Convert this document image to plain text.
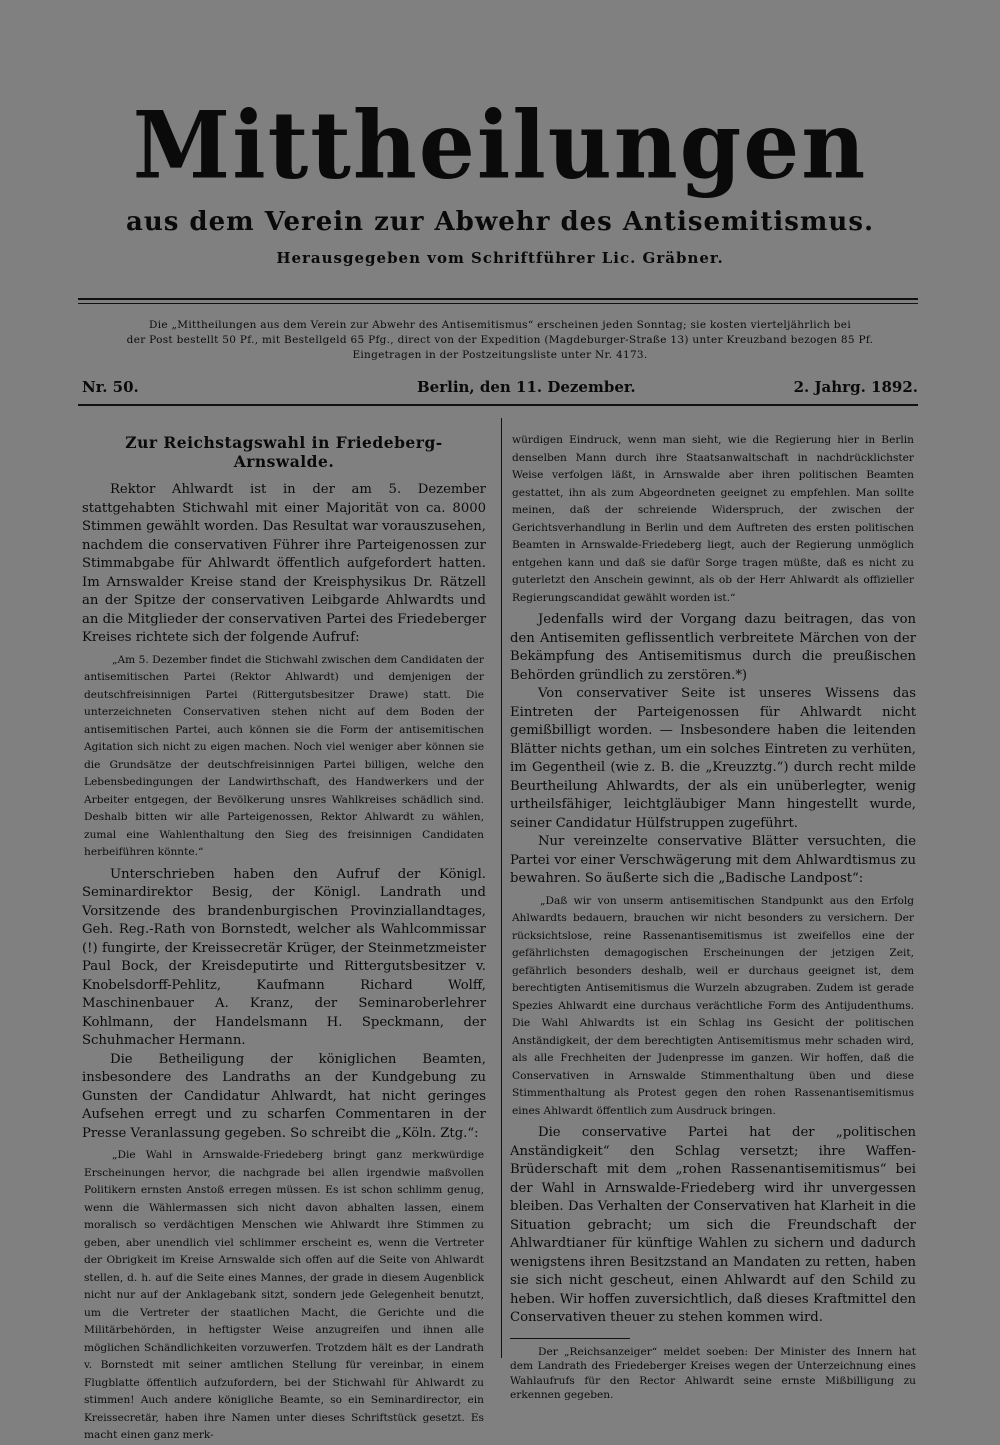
Mittheilungen
aus dem Verein zur Abwehr des Antisemitismus.
Herausgegeben vom Schriftführer Lic. Gräbner.
Die „Mittheilungen aus dem Verein zur Abwehr des Antisemitismus“ erscheinen jeden Sonntag; sie kosten vierteljährlich bei
der Post bestellt 50 Pf., mit Bestellgeld 65 Pfg., direct von der Expedition (Magdeburger-Straße 13) unter Kreuzband bezogen 85 Pf.
Eingetragen in der Postzeitungsliste unter Nr. 4173.
Nr. 50.	Berlin, den 11. Dezember.	2. Jahrg. 1892.
Zur Reichstagswahl in Friedeberg-Arnswalde.

Rektor Ahlwardt ist in der am 5. Dezember stattgehabten Stichwahl mit einer Majorität von ca. 8000 Stimmen gewählt worden. Das Resultat war vorauszusehen, nachdem die conservativen Führer ihre Parteigenossen zur Stimmabgabe für Ahlwardt öffentlich aufgefordert hatten. Im Arnswalder Kreise stand der Kreisphysikus Dr. Rätzell an der Spitze der conservativen Leibgarde Ahlwardts und an die Mitglieder der conservativen Partei des Friedeberger Kreises richtete sich der folgende Aufruf:

„Am 5. Dezember findet die Stichwahl zwischen dem Candidaten der antisemitischen Partei (Rektor Ahlwardt) und demjenigen der deutschfreisinnigen Partei (Rittergutsbesitzer Drawe) statt. Die unterzeichneten Conservativen stehen nicht auf dem Boden der antisemitischen Partei, auch können sie die Form der antisemitischen Agitation sich nicht zu eigen machen. Noch viel weniger aber können sie die Grundsätze der deutschfreisinnigen Partei billigen, welche den Lebensbedingungen der Landwirthschaft, des Handwerkers und der Arbeiter entgegen, der Bevölkerung unsres Wahlkreises schädlich sind. Deshalb bitten wir alle Parteigenossen, Rektor Ahlwardt zu wählen, zumal eine Wahlenthaltung den Sieg des freisinnigen Candidaten herbeiführen könnte.“

Unterschrieben haben den Aufruf der Königl. Seminardirektor Besig, der Königl. Landrath und Vorsitzende des brandenburgischen Provinziallandtages, Geh. Reg.-Rath von Bornstedt, welcher als Wahlcommissar (!) fungirte, der Kreissecretär Krüger, der Steinmetzmeister Paul Bock, der Kreisdeputirte und Rittergutsbesitzer v. Knobelsdorff-Pehlitz, Kaufmann Richard Wolff, Maschinenbauer A. Kranz, der Seminaroberlehrer Kohlmann, der Handelsmann H. Speckmann, der Schuhmacher Hermann.

Die Betheiligung der königlichen Beamten, insbesondere des Landraths an der Kundgebung zu Gunsten der Candidatur Ahlwardt, hat nicht geringes Aufsehen erregt und zu scharfen Commentaren in der Presse Veranlassung gegeben. So schreibt die „Köln. Ztg.“:

„Die Wahl in Arnswalde-Friedeberg bringt ganz merkwürdige Erscheinungen hervor, die nachgrade bei allen irgendwie maßvollen Politikern ernsten Anstoß erregen müssen. Es ist schon schlimm genug, wenn die Wählermassen sich nicht davon abhalten lassen, einem moralisch so verdächtigen Menschen wie Ahlwardt ihre Stimmen zu geben, aber unendlich viel schlimmer erscheint es, wenn die Vertreter der Obrigkeit im Kreise Arnswalde sich offen auf die Seite von Ahlwardt stellen, d. h. auf die Seite eines Mannes, der grade in diesem Augenblick nicht nur auf der Anklagebank sitzt, sondern jede Gelegenheit benutzt, um die Vertreter der staatlichen Macht, die Gerichte und die Militärbehörden, in heftigster Weise anzugreifen und ihnen alle möglichen Schändlichkeiten vorzuwerfen. Trotzdem hält es der Landrath v. Bornstedt mit seiner amtlichen Stellung für vereinbar, in einem Flugblatte öffentlich aufzufordern, bei der Stichwahl für Ahlwardt zu stimmen! Auch andere königliche Beamte, so ein Seminardirector, ein Kreissecretär, haben ihre Namen unter dieses Schriftstück gesetzt. Es macht einen ganz merk-

würdigen Eindruck, wenn man sieht, wie die Regierung hier in Berlin denselben Mann durch ihre Staatsanwaltschaft in nachdrücklichster Weise verfolgen läßt, in Arnswalde aber ihren politischen Beamten gestattet, ihn als zum Abgeordneten geeignet zu empfehlen. Man sollte meinen, daß der schreiende Widerspruch, der zwischen der Gerichtsverhandlung in Berlin und dem Auftreten des ersten politischen Beamten in Arnswalde-Friedeberg liegt, auch der Regierung unmöglich entgehen kann und daß sie dafür Sorge tragen müßte, daß es nicht zu guterletzt den Anschein gewinnt, als ob der Herr Ahlwardt als offizieller Regierungscandidat gewählt worden ist.“

Jedenfalls wird der Vorgang dazu beitragen, das von den Antisemiten geflissentlich verbreitete Märchen von der Bekämpfung des Antisemitismus durch die preußischen Behörden gründlich zu zerstören.*)

Von conservativer Seite ist unseres Wissens das Eintreten der Parteigenossen für Ahlwardt nicht gemißbilligt worden. — Insbesondere haben die leitenden Blätter nichts gethan, um ein solches Eintreten zu verhüten, im Gegentheil (wie z. B. die „Kreuzztg.“) durch recht milde Beurtheilung Ahlwardts, der als ein unüberlegter, wenig urtheilsfähiger, leichtgläubiger Mann hingestellt wurde, seiner Candidatur Hülfstruppen zugeführt.

Nur vereinzelte conservative Blätter versuchten, die Partei vor einer Verschwägerung mit dem Ahlwardtismus zu bewahren. So äußerte sich die „Badische Landpost“:

„Daß wir von unserm antisemitischen Standpunkt aus den Erfolg Ahlwardts bedauern, brauchen wir nicht besonders zu versichern. Der rücksichtslose, reine Rassenantisemitismus ist zweifellos eine der gefährlichsten demagogischen Erscheinungen der jetzigen Zeit, gefährlich besonders deshalb, weil er durchaus geeignet ist, dem berechtigten Antisemitismus die Wurzeln abzugraben. Zudem ist gerade Spezies Ahlwardt eine durchaus verächtliche Form des Antijudenthums. Die Wahl Ahlwardts ist ein Schlag ins Gesicht der politischen Anständigkeit, der dem berechtigten Antisemitismus mehr schaden wird, als alle Frechheiten der Judenpresse im ganzen. Wir hoffen, daß die Conservativen in Arnswalde Stimmenthaltung üben und diese Stimmenthaltung als Protest gegen den rohen Rassenantisemitismus eines Ahlwardt öffentlich zum Ausdruck bringen.

Die conservative Partei hat der „politischen Anständigkeit“ den Schlag versetzt; ihre Waffen-Brüderschaft mit dem „rohen Rassenantisemitismus“ bei der Wahl in Arnswalde-Friedeberg wird ihr unvergessen bleiben. Das Verhalten der Conservativen hat Klarheit in die Situation gebracht; um sich die Freundschaft der Ahlwardtianer für künftige Wahlen zu sichern und dadurch wenigstens ihren Besitzstand an Mandaten zu retten, haben sie sich nicht gescheut, einen Ahlwardt auf den Schild zu heben. Wir hoffen zuversichtlich, daß dieses Kraftmittel den Conservativen theuer zu stehen kommen wird.

Der „Reichsanzeiger“ meldet soeben: Der Minister des Innern hat dem Landrath des Friedeberger Kreises wegen der Unterzeichnung eines Wahlaufrufs für den Rector Ahlwardt seine ernste Mißbilligung zu erkennen gegeben.
